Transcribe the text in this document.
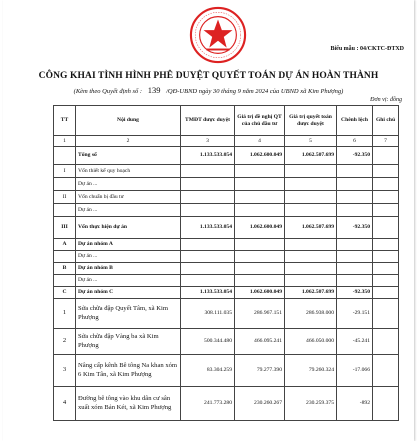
Biểu mẫu : 04/CKTC-ĐTXD
CÔNG KHAI TÌNH HÌNH PHÊ DUYỆT QUYẾT TOÁN DỰ ÁN HOÀN THÀNH
(Kèm theo Quyết định số : 139 /QĐ-UBND ngày 30 tháng 9 năm 2024 của UBND xã Kim Phượng)
Đơn vị: đồng
TT	Nội dung	TMĐT được duyệt	Giá trị đề nghị QT của chủ đầu tư	Giá trị quyết toán được duyệt	Chênh lệch	Ghi chú
1	2	3	4	5	6	7
	Tổng số	1.133.533.054	1.062.600.049	1.062.507.699	-92.350	
I	Vốn thiết kế quy hoạch					
	Dự án ...					
II	Vốn chuẩn bị đầu tư					
	Dự án ...					
III	Vốn thực hiện dự án	1.133.533.054	1.062.600.049	1.062.507.699	-92.350	
A	Dự án nhóm A					
	Dự án ...					
B	Dự án nhóm B					
	Dự án ...					
C	Dự án nhóm C	1.133.533.054	1.062.600.049	1.062.507.699	-92.350	
1	Sửa chữa đập Quyết Tâm, xã Kim Phượng	308.111.035	286.967.151	286.938.000	-29.151	
2	Sửa chữa đập Vàng ba xã Kim Phượng	500.344.480	466.095.241	466.050.000	-45.241	
3	Nâng cấp kênh Bê tông Na khan xóm 6 Kim Tân, xã Kim Phượng	83.304.259	79.277.390	79.260.324	-17.066	
4	Đường bê tông vào khu dân cư sân xuất xóm Bản Két, xã Kim Phượng	241.773.280	230.260.267	230.259.375	-892	
